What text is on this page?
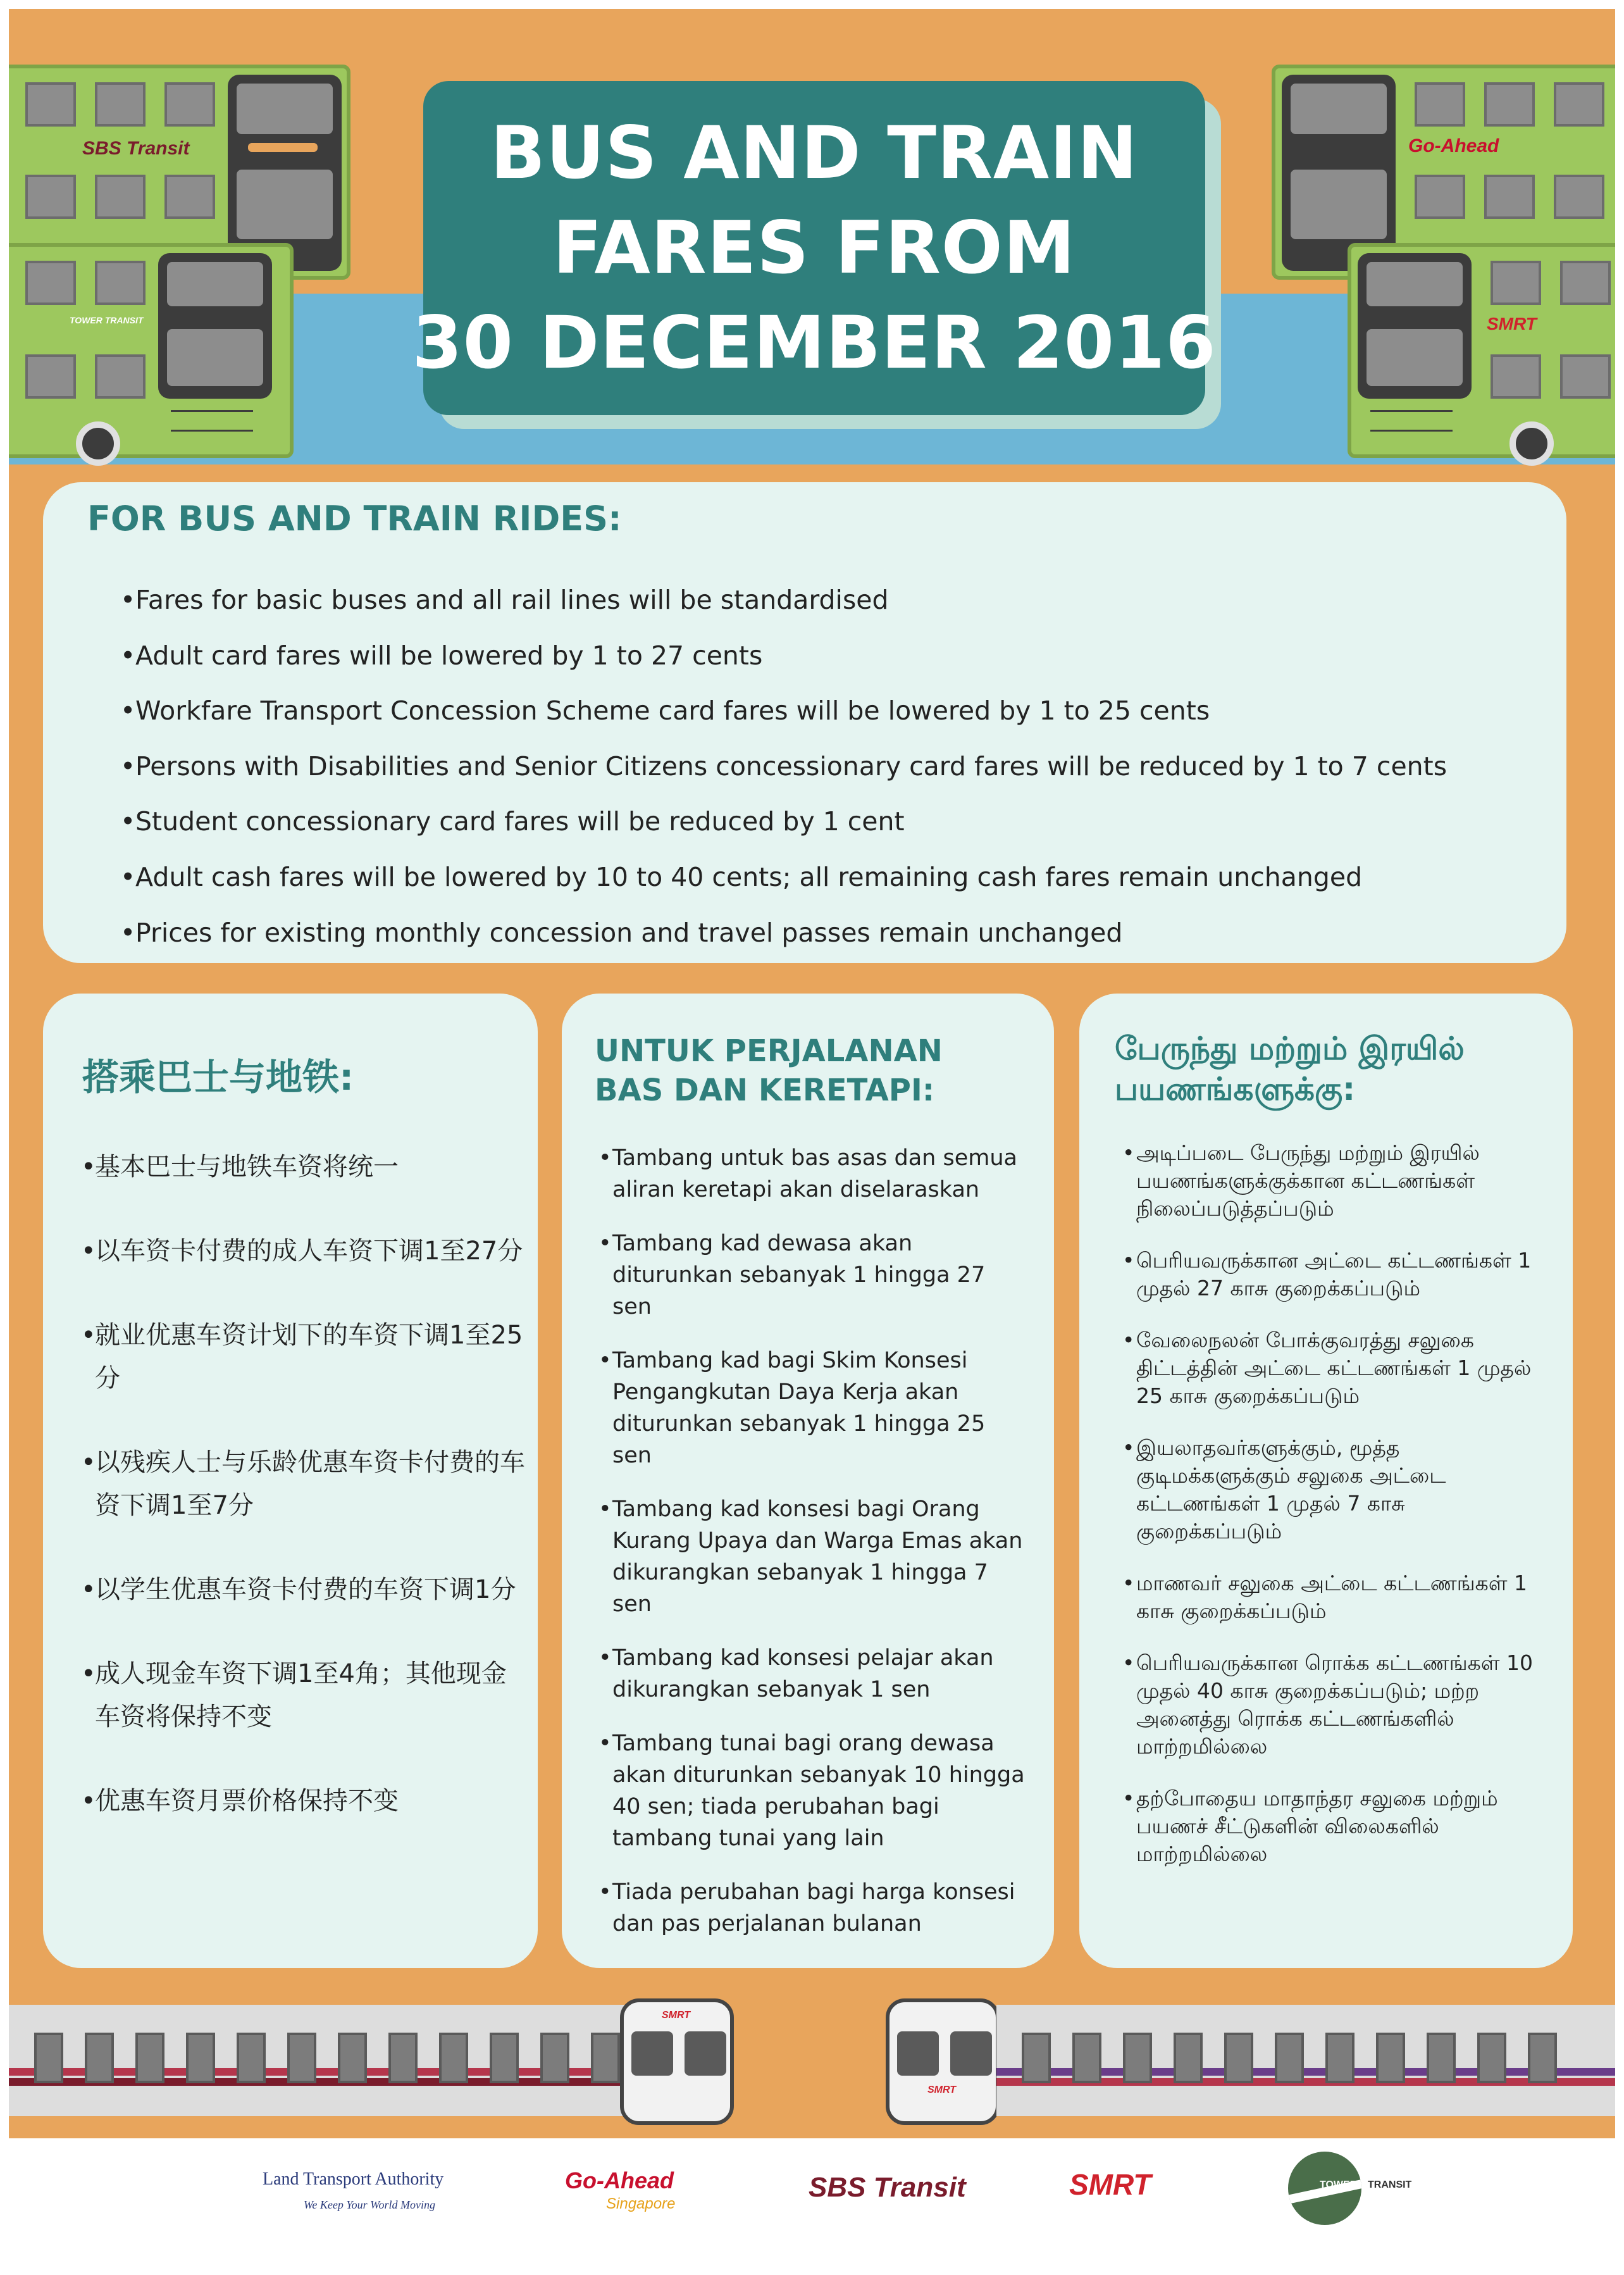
SBS Transit
TOWER TRANSIT
Go-Ahead
SMRT
BUS AND TRAIN
FARES FROM
30 DECEMBER 2016
FOR BUS AND TRAIN RIDES:
• Fares for basic buses and all rail lines will be standardised
• Adult card fares will be lowered by 1 to 27 cents
• Workfare Transport Concession Scheme card fares will be lowered by 1 to 25 cents
• Persons with Disabilities and Senior Citizens concessionary card fares will be reduced by 1 to 7 cents
• Student concessionary card fares will be reduced by 1 cent
• Adult cash fares will be lowered by 10 to 40 cents; all remaining cash fares remain unchanged
• Prices for existing monthly concession and travel passes remain unchanged
搭乘巴士与地铁:
• 基本巴士与地铁车资将统一
• 以车资卡付费的成人车资下调1至27分
• 就业优惠车资计划下的车资下调1至25分
• 以残疾人士与乐龄优惠车资卡付费的车资下调1至7分
• 以学生优惠车资卡付费的车资下调1分
• 成人现金车资下调1至4角；其他现金车资将保持不变
• 优惠车资月票价格保持不变
UNTUK PERJALANAN BAS DAN KERETAPI:
• Tambang untuk bas asas dan semua aliran keretapi akan diselaraskan
• Tambang kad dewasa akan diturunkan sebanyak 1 hingga 27 sen
• Tambang kad bagi Skim Konsesi Pengangkutan Daya Kerja akan diturunkan sebanyak 1 hingga 25 sen
• Tambang kad konsesi bagi Orang Kurang Upaya dan Warga Emas akan dikurangkan sebanyak 1 hingga 7 sen
• Tambang kad konsesi pelajar akan dikurangkan sebanyak 1 sen
• Tambang tunai bagi orang dewasa akan diturunkan sebanyak 10 hingga 40 sen; tiada perubahan bagi tambang tunai yang lain
• Tiada perubahan bagi harga konsesi dan pas perjalanan bulanan
பேருந்து மற்றும் இரயில் பயணங்களுக்கு:
• அடிப்படை பேருந்து மற்றும் இரயில் பயணங்களுக்குக்கான கட்டணங்கள் நிலைப்படுத்தப்படும்
• பெரியவருக்கான அட்டை கட்டணங்கள் 1 முதல் 27 காசு குறைக்கப்படும்
• வேலைநலன் போக்குவரத்து சலுகை திட்டத்தின் அட்டை கட்டணங்கள் 1 முதல் 25 காசு குறைக்கப்படும்
• இயலாதவர்களுக்கும், மூத்த குடிமக்களுக்கும் சலுகை அட்டை கட்டணங்கள் 1 முதல் 7 காசு குறைக்கப்படும்
• மாணவர் சலுகை அட்டை கட்டணங்கள் 1 காசு குறைக்கப்படும்
• பெரியவருக்கான ரொக்க கட்டணங்கள் 10 முதல் 40 காசு குறைக்கப்படும்; மற்ற அனைத்து ரொக்க கட்டணங்களில் மாற்றமில்லை
• தற்போதைய மாதாந்தர சலுகை மற்றும் பயணச் சீட்டுகளின் விலைகளில் மாற்றமில்லை
SMRT
SMRT
Land Transport Authority
We Keep Your World Moving
Go-Ahead
Singapore
SBS Transit	SMRT	TOWER TRANSIT
